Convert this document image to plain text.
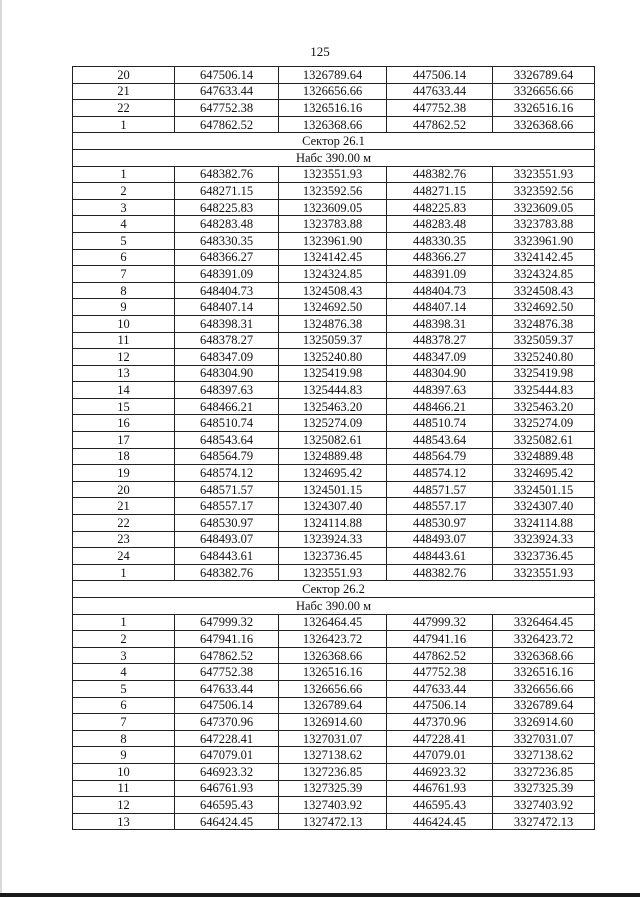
125
20	647506.14	1326789.64	447506.14	3326789.64
21	647633.44	1326656.66	447633.44	3326656.66
22	647752.38	1326516.16	447752.38	3326516.16
1	647862.52	1326368.66	447862.52	3326368.66
Сектор 26.1				
Набс 390.00 м				
1	648382.76	1323551.93	448382.76	3323551.93
2	648271.15	1323592.56	448271.15	3323592.56
3	648225.83	1323609.05	448225.83	3323609.05
4	648283.48	1323783.88	448283.48	3323783.88
5	648330.35	1323961.90	448330.35	3323961.90
6	648366.27	1324142.45	448366.27	3324142.45
7	648391.09	1324324.85	448391.09	3324324.85
8	648404.73	1324508.43	448404.73	3324508.43
9	648407.14	1324692.50	448407.14	3324692.50
10	648398.31	1324876.38	448398.31	3324876.38
11	648378.27	1325059.37	448378.27	3325059.37
12	648347.09	1325240.80	448347.09	3325240.80
13	648304.90	1325419.98	448304.90	3325419.98
14	648397.63	1325444.83	448397.63	3325444.83
15	648466.21	1325463.20	448466.21	3325463.20
16	648510.74	1325274.09	448510.74	3325274.09
17	648543.64	1325082.61	448543.64	3325082.61
18	648564.79	1324889.48	448564.79	3324889.48
19	648574.12	1324695.42	448574.12	3324695.42
20	648571.57	1324501.15	448571.57	3324501.15
21	648557.17	1324307.40	448557.17	3324307.40
22	648530.97	1324114.88	448530.97	3324114.88
23	648493.07	1323924.33	448493.07	3323924.33
24	648443.61	1323736.45	448443.61	3323736.45
1	648382.76	1323551.93	448382.76	3323551.93
Сектор 26.2				
Набс 390.00 м				
1	647999.32	1326464.45	447999.32	3326464.45
2	647941.16	1326423.72	447941.16	3326423.72
3	647862.52	1326368.66	447862.52	3326368.66
4	647752.38	1326516.16	447752.38	3326516.16
5	647633.44	1326656.66	447633.44	3326656.66
6	647506.14	1326789.64	447506.14	3326789.64
7	647370.96	1326914.60	447370.96	3326914.60
8	647228.41	1327031.07	447228.41	3327031.07
9	647079.01	1327138.62	447079.01	3327138.62
10	646923.32	1327236.85	446923.32	3327236.85
11	646761.93	1327325.39	446761.93	3327325.39
12	646595.43	1327403.92	446595.43	3327403.92
13	646424.45	1327472.13	446424.45	3327472.13
